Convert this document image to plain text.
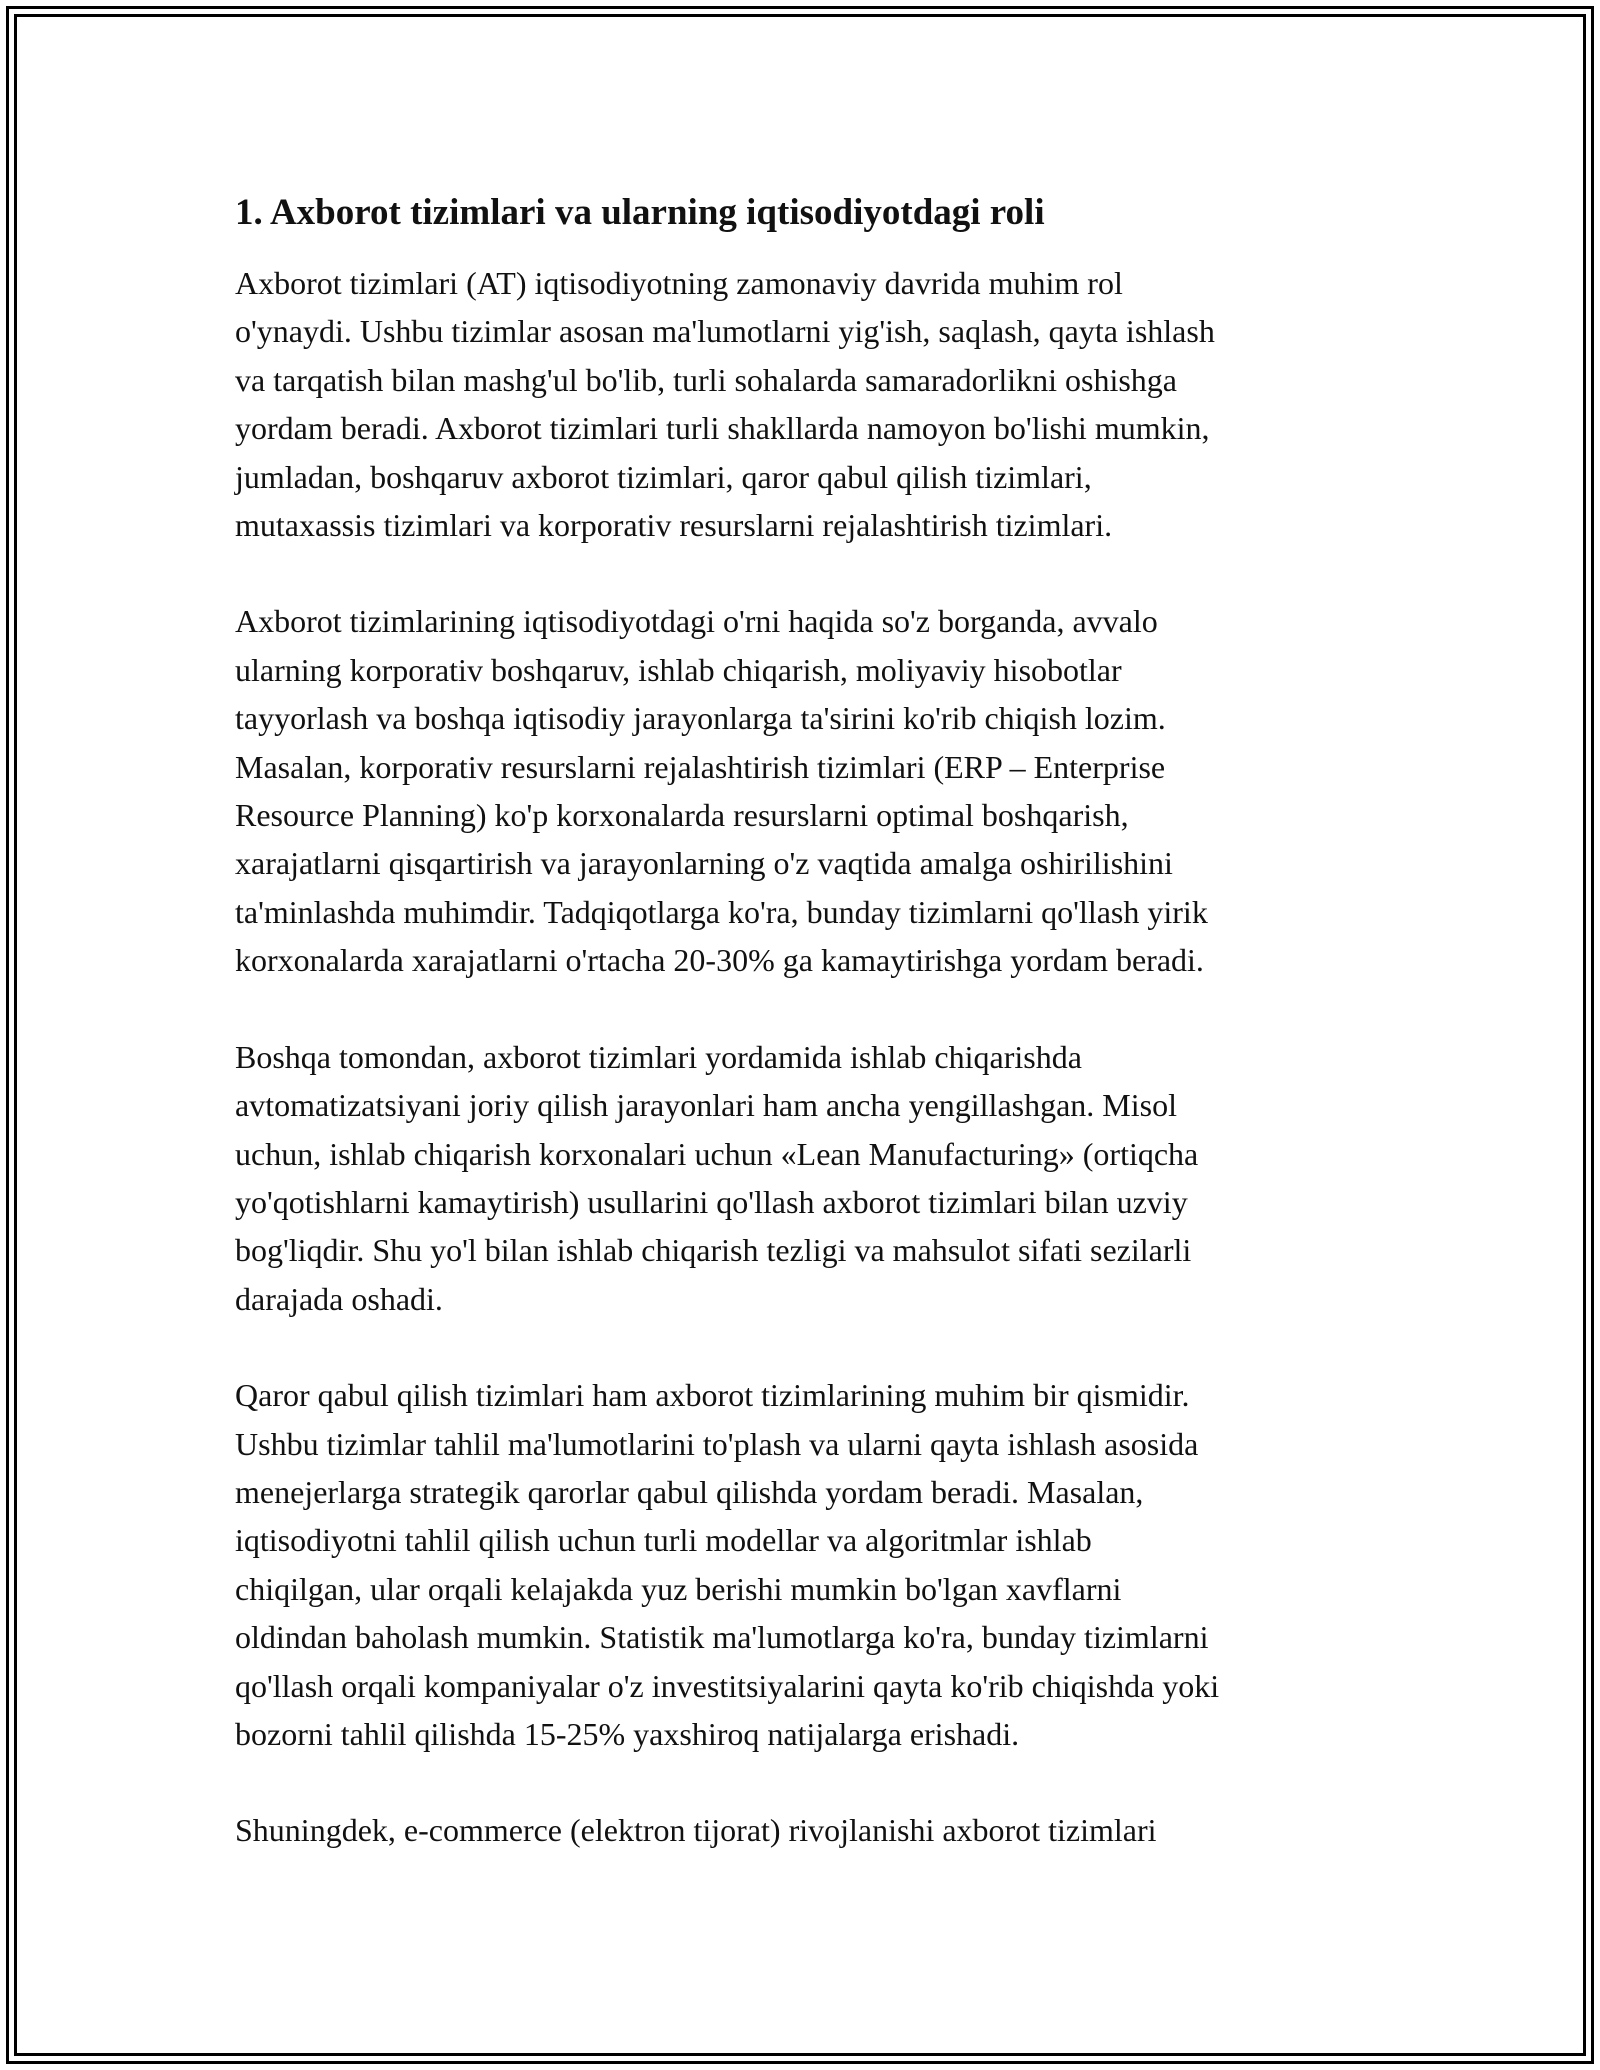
1. Axborot tizimlari va ularning iqtisodiyotdagi roli
Axborot tizimlari (AT) iqtisodiyotning zamonaviy davrida muhim rol
o'ynaydi. Ushbu tizimlar asosan ma'lumotlarni yig'ish, saqlash, qayta ishlash
va tarqatish bilan mashg'ul bo'lib, turli sohalarda samaradorlikni oshishga
yordam beradi. Axborot tizimlari turli shakllarda namoyon bo'lishi mumkin,
jumladan, boshqaruv axborot tizimlari, qaror qabul qilish tizimlari,
mutaxassis tizimlari va korporativ resurslarni rejalashtirish tizimlari.
Axborot tizimlarining iqtisodiyotdagi o'rni haqida so'z borganda, avvalo
ularning korporativ boshqaruv, ishlab chiqarish, moliyaviy hisobotlar
tayyorlash va boshqa iqtisodiy jarayonlarga ta'sirini ko'rib chiqish lozim.
Masalan, korporativ resurslarni rejalashtirish tizimlari (ERP – Enterprise
Resource Planning) ko'p korxonalarda resurslarni optimal boshqarish,
xarajatlarni qisqartirish va jarayonlarning o'z vaqtida amalga oshirilishini
ta'minlashda muhimdir. Tadqiqotlarga ko'ra, bunday tizimlarni qo'llash yirik
korxonalarda xarajatlarni o'rtacha 20-30% ga kamaytirishga yordam beradi.
Boshqa tomondan, axborot tizimlari yordamida ishlab chiqarishda
avtomatizatsiyani joriy qilish jarayonlari ham ancha yengillashgan. Misol
uchun, ishlab chiqarish korxonalari uchun «Lean Manufacturing» (ortiqcha
yo'qotishlarni kamaytirish) usullarini qo'llash axborot tizimlari bilan uzviy
bog'liqdir. Shu yo'l bilan ishlab chiqarish tezligi va mahsulot sifati sezilarli
darajada oshadi.
Qaror qabul qilish tizimlari ham axborot tizimlarining muhim bir qismidir.
Ushbu tizimlar tahlil ma'lumotlarini to'plash va ularni qayta ishlash asosida
menejerlarga strategik qarorlar qabul qilishda yordam beradi. Masalan,
iqtisodiyotni tahlil qilish uchun turli modellar va algoritmlar ishlab
chiqilgan, ular orqali kelajakda yuz berishi mumkin bo'lgan xavflarni
oldindan baholash mumkin. Statistik ma'lumotlarga ko'ra, bunday tizimlarni
qo'llash orqali kompaniyalar o'z investitsiyalarini qayta ko'rib chiqishda yoki
bozorni tahlil qilishda 15-25% yaxshiroq natijalarga erishadi.
Shuningdek, e-commerce (elektron tijorat) rivojlanishi axborot tizimlari
